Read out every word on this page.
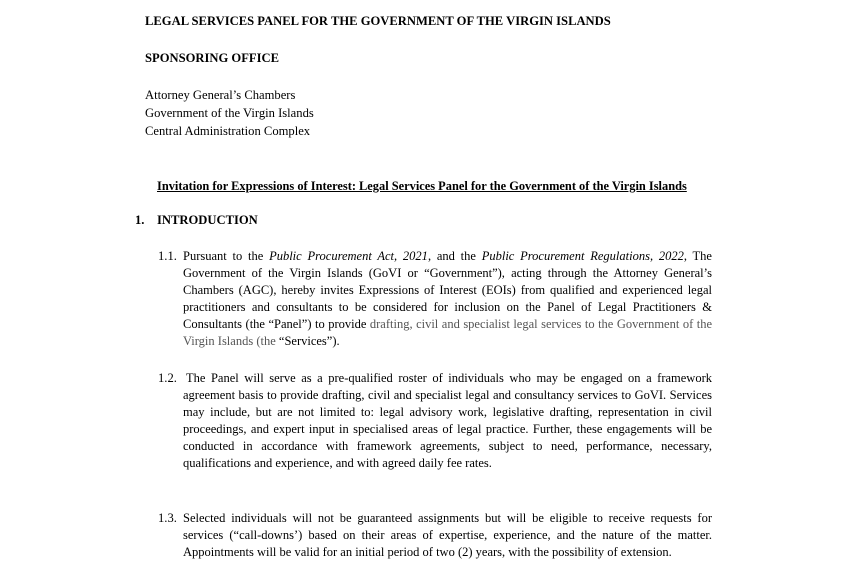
LEGAL SERVICES PANEL FOR THE GOVERNMENT OF THE VIRGIN ISLANDS
SPONSORING OFFICE
Attorney General’s Chambers
Government of the Virgin Islands
Central Administration Complex
Invitation for Expressions of Interest: Legal Services Panel for the Government of the Virgin Islands
1. INTRODUCTION
1.1. Pursuant to the Public Procurement Act, 2021, and the Public Procurement Regulations, 2022, The Government of the Virgin Islands (GoVI or “Government”), acting through the Attorney General’s Chambers (AGC), hereby invites Expressions of Interest (EOIs) from qualified and experienced legal practitioners and consultants to be considered for inclusion on the Panel of Legal Practitioners & Consultants (the “Panel”) to provide drafting, civil and specialist legal services to the Government of the Virgin Islands (the “Services”).
1.2. The Panel will serve as a pre-qualified roster of individuals who may be engaged on a framework agreement basis to provide drafting, civil and specialist legal and consultancy services to GoVI. Services may include, but are not limited to: legal advisory work, legislative drafting, representation in civil proceedings, and expert input in specialised areas of legal practice. Further, these engagements will be conducted in accordance with framework agreements, subject to need, performance, necessary, qualifications and experience, and with agreed daily fee rates.
1.3. Selected individuals will not be guaranteed assignments but will be eligible to receive requests for services (“call-downs’) based on their areas of expertise, experience, and the nature of the matter. Appointments will be valid for an initial period of two (2) years, with the possibility of extension.
